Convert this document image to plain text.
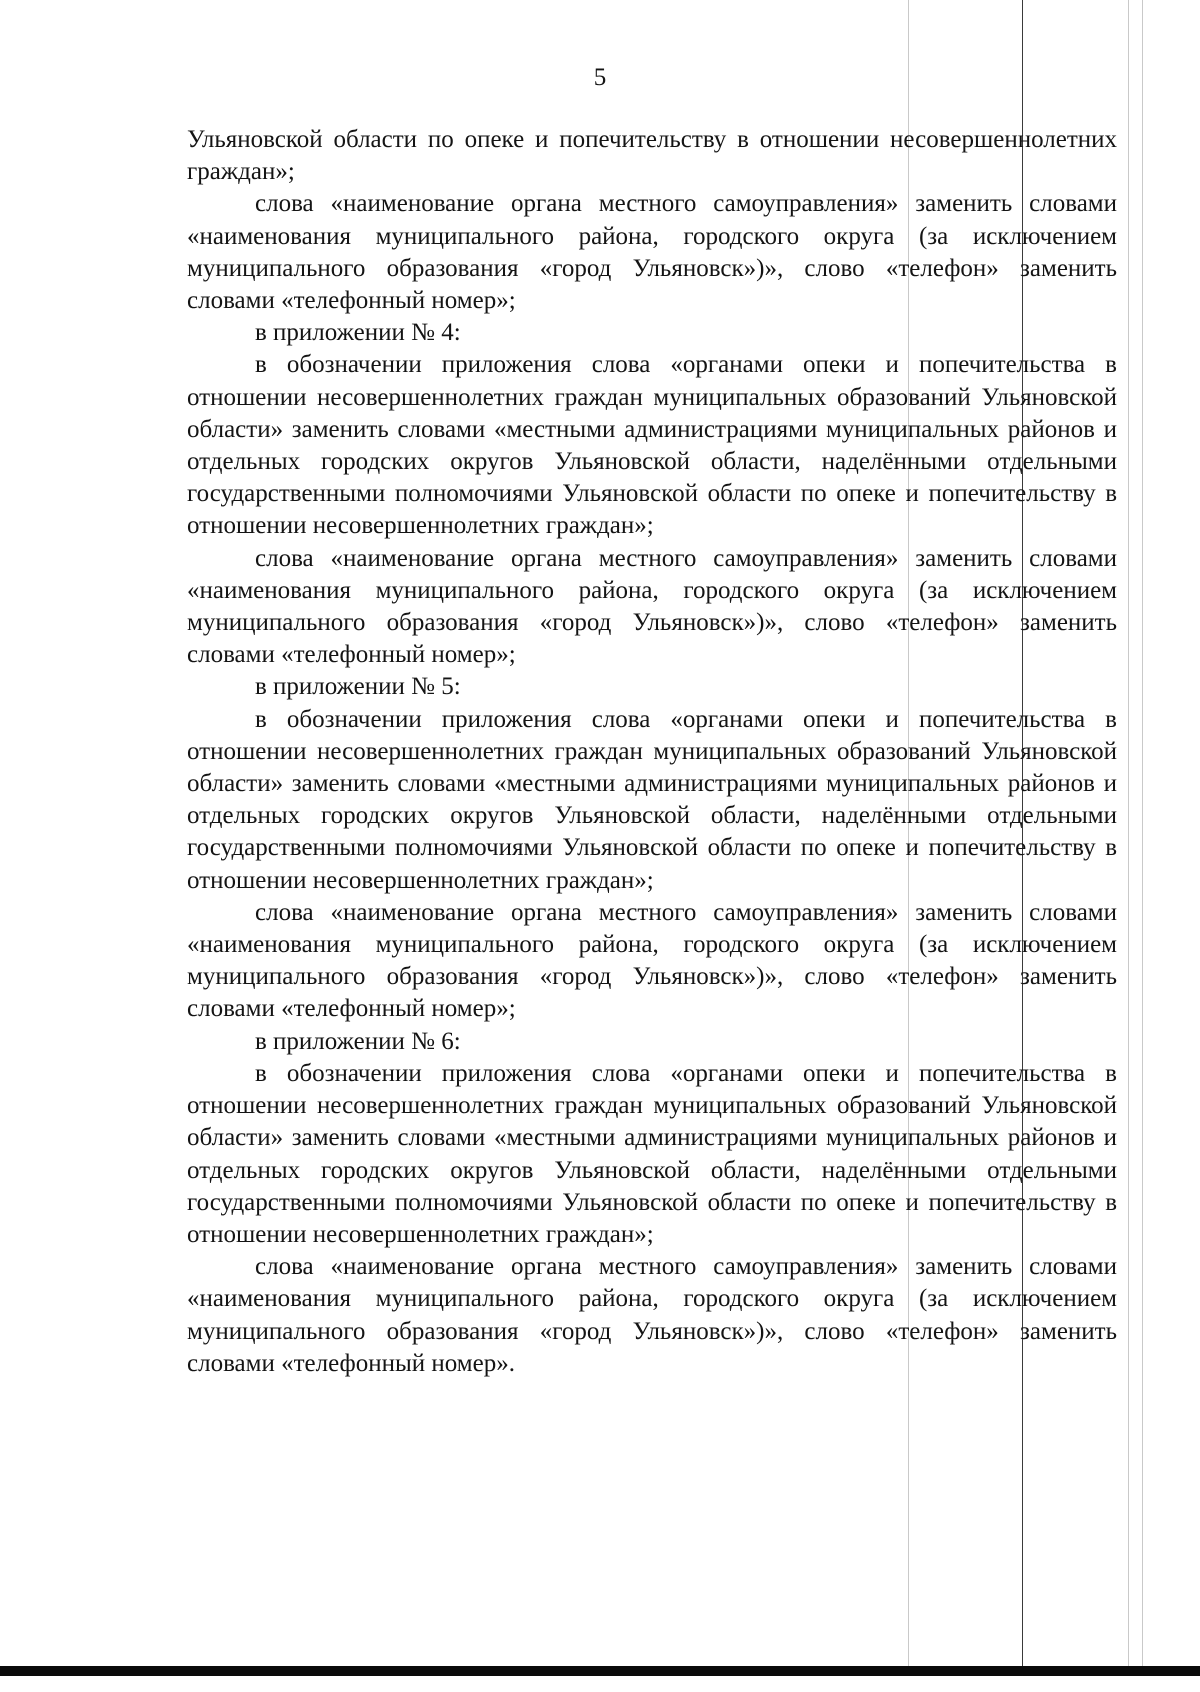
5

Ульяновской области по опеке и попечительству в отношении несовершеннолетних граждан»;

слова «наименование органа местного самоуправления» заменить словами «наименования муниципального района, городского округа (за исключением муниципального образования «город Ульяновск»)», слово «телефон» заменить словами «телефонный номер»;

в приложении № 4:

в обозначении приложения слова «органами опеки и попечительства в отношении несовершеннолетних граждан муниципальных образований Ульяновской области» заменить словами «местными администрациями муниципальных районов и отдельных городских округов Ульяновской области, наделёнными отдельными государственными полномочиями Ульяновской области по опеке и попечительству в отношении несовершеннолетних граждан»;

слова «наименование органа местного самоуправления» заменить словами «наименования муниципального района, городского округа (за исключением муниципального образования «город Ульяновск»)», слово «телефон» заменить словами «телефонный номер»;

в приложении № 5:

в обозначении приложения слова «органами опеки и попечительства в отношении несовершеннолетних граждан муниципальных образований Ульяновской области» заменить словами «местными администрациями муниципальных районов и отдельных городских округов Ульяновской области, наделёнными отдельными государственными полномочиями Ульяновской области по опеке и попечительству в отношении несовершеннолетних граждан»;

слова «наименование органа местного самоуправления» заменить словами «наименования муниципального района, городского округа (за исключением муниципального образования «город Ульяновск»)», слово «телефон» заменить словами «телефонный номер»;

в приложении № 6:

в обозначении приложения слова «органами опеки и попечительства в отношении несовершеннолетних граждан муниципальных образований Ульяновской области» заменить словами «местными администрациями муниципальных районов и отдельных городских округов Ульяновской области, наделёнными отдельными государственными полномочиями Ульяновской области по опеке и попечительству в отношении несовершеннолетних граждан»;

слова «наименование органа местного самоуправления» заменить словами «наименования муниципального района, городского округа (за исключением муниципального образования «город Ульяновск»)», слово «телефон» заменить словами «телефонный номер».
